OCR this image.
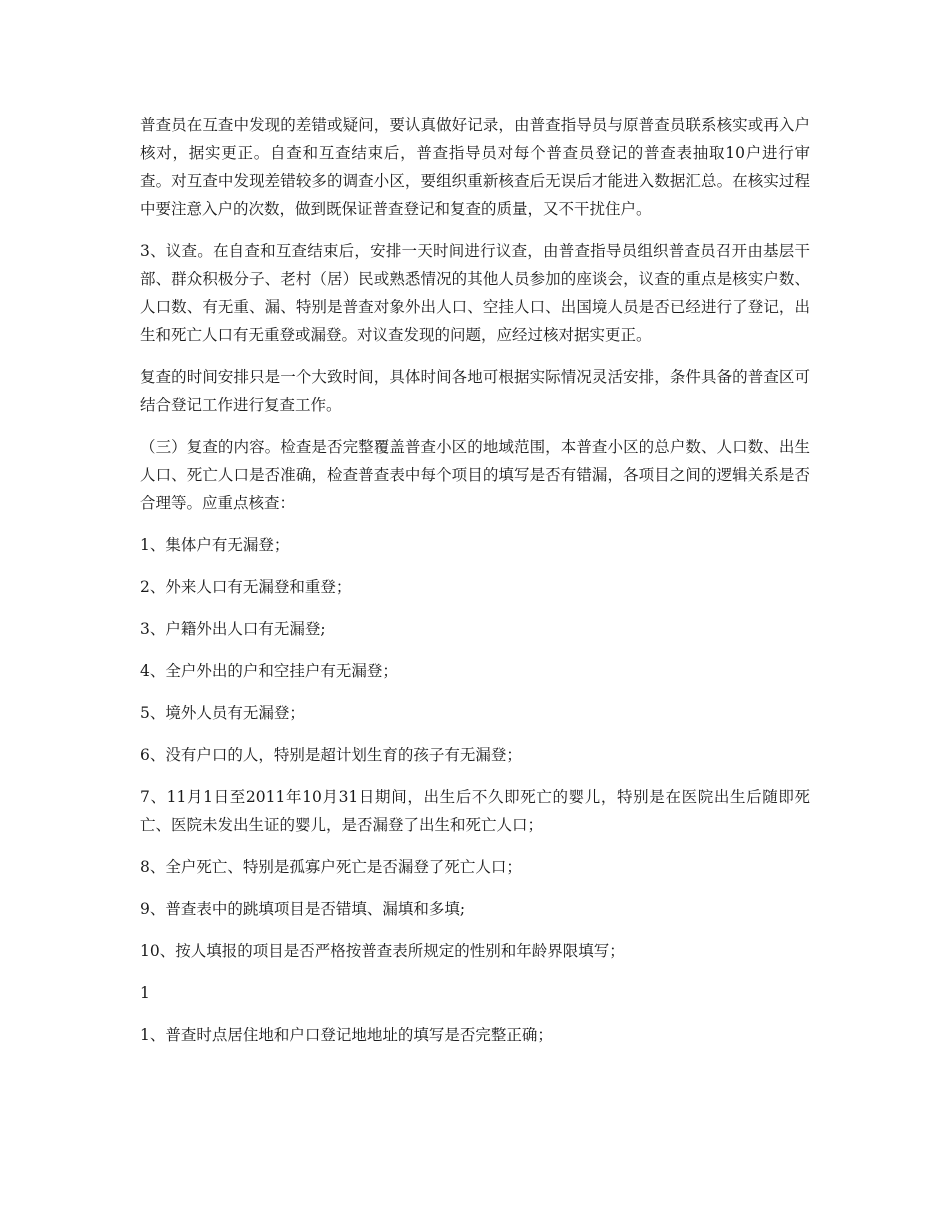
普查员在互查中发现的差错或疑问，要认真做好记录，由普查指导员与原普查员联系核实或再入户核对，据实更正。自查和互查结束后，普查指导员对每个普查员登记的普查表抽取10户进行审查。对互查中发现差错较多的调查小区，要组织重新核查后无误后才能进入数据汇总。在核实过程中要注意入户的次数，做到既保证普查登记和复查的质量，又不干扰住户。

3、议查。在自查和互查结束后，安排一天时间进行议查，由普查指导员组织普查员召开由基层干部、群众积极分子、老村（居）民或熟悉情况的其他人员参加的座谈会，议查的重点是核实户数、人口数、有无重、漏、特别是普查对象外出人口、空挂人口、出国境人员是否已经进行了登记，出生和死亡人口有无重登或漏登。对议查发现的问题，应经过核对据实更正。

复查的时间安排只是一个大致时间，具体时间各地可根据实际情况灵活安排，条件具备的普查区可结合登记工作进行复查工作。

（三）复查的内容。检查是否完整覆盖普查小区的地域范围，本普查小区的总户数、人口数、出生人口、死亡人口是否准确，检查普查表中每个项目的填写是否有错漏，各项目之间的逻辑关系是否合理等。应重点核查：

1、集体户有无漏登；

2、外来人口有无漏登和重登；

3、户籍外出人口有无漏登;

4、全户外出的户和空挂户有无漏登；

5、境外人员有无漏登；

6、没有户口的人，特别是超计划生育的孩子有无漏登；

7、11月1日至2011年10月31日期间，出生后不久即死亡的婴儿，特别是在医院出生后随即死亡、医院未发出生证的婴儿，是否漏登了出生和死亡人口；

8、全户死亡、特别是孤寡户死亡是否漏登了死亡人口；

9、普查表中的跳填项目是否错填、漏填和多填;

10、按人填报的项目是否严格按普查表所规定的性别和年龄界限填写；

1

1、普查时点居住地和户口登记地地址的填写是否完整正确；
